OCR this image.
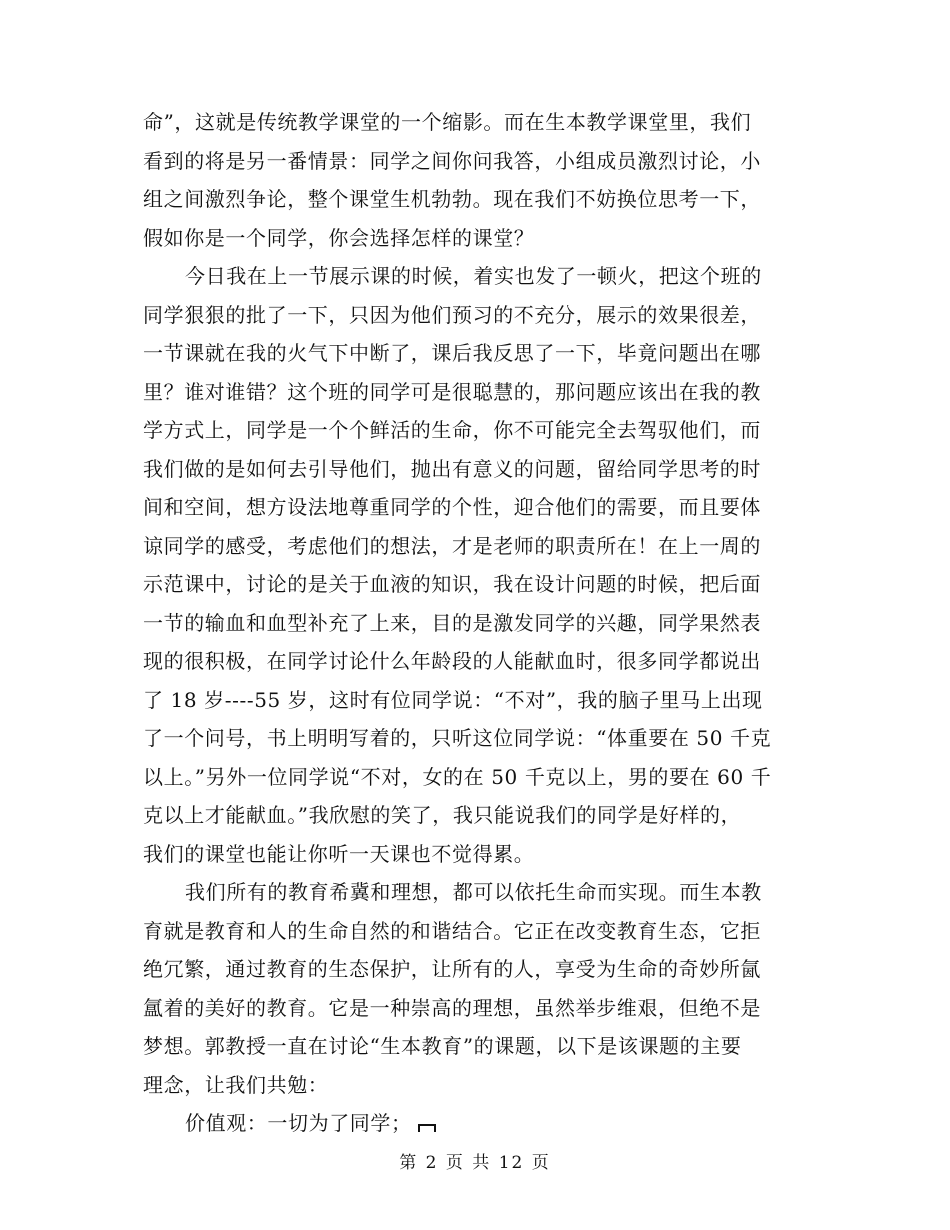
命”，这就是传统教学课堂的一个缩影。而在生本教学课堂里，我们
看到的将是另一番情景：同学之间你问我答，小组成员激烈讨论，小
组之间激烈争论，整个课堂生机勃勃。现在我们不妨换位思考一下，
假如你是一个同学，你会选择怎样的课堂？
今日我在上一节展示课的时候，着实也发了一顿火，把这个班的
同学狠狠的批了一下，只因为他们预习的不充分，展示的效果很差，
一节课就在我的火气下中断了，课后我反思了一下，毕竟问题出在哪
里？谁对谁错？这个班的同学可是很聪慧的，那问题应该出在我的教
学方式上，同学是一个个鲜活的生命，你不可能完全去驾驭他们，而
我们做的是如何去引导他们，抛出有意义的问题，留给同学思考的时
间和空间，想方设法地尊重同学的个性，迎合他们的需要，而且要体
谅同学的感受，考虑他们的想法，才是老师的职责所在！在上一周的
示范课中，讨论的是关于血液的知识，我在设计问题的时候，把后面
一节的输血和血型补充了上来，目的是激发同学的兴趣，同学果然表
现的很积极，在同学讨论什么年龄段的人能献血时，很多同学都说出
了 18 岁----55 岁，这时有位同学说：“不对”，我的脑子里马上出现
了一个问号，书上明明写着的，只听这位同学说：“体重要在 50 千克
以上。”另外一位同学说“不对，女的在 50 千克以上，男的要在 60 千
克以上才能献血。”我欣慰的笑了，我只能说我们的同学是好样的，
我们的课堂也能让你听一天课也不觉得累。
我们所有的教育希冀和理想，都可以依托生命而实现。而生本教
育就是教育和人的生命自然的和谐结合。它正在改变教育生态，它拒
绝冗繁，通过教育的生态保护，让所有的人，享受为生命的奇妙所氤
氲着的美好的教育。它是一种崇高的理想，虽然举步维艰，但绝不是
梦想。郭教授一直在讨论“生本教育”的课题，以下是该课题的主要
理念，让我们共勉：
价值观：一切为了同学；
第 2 页 共 12 页
